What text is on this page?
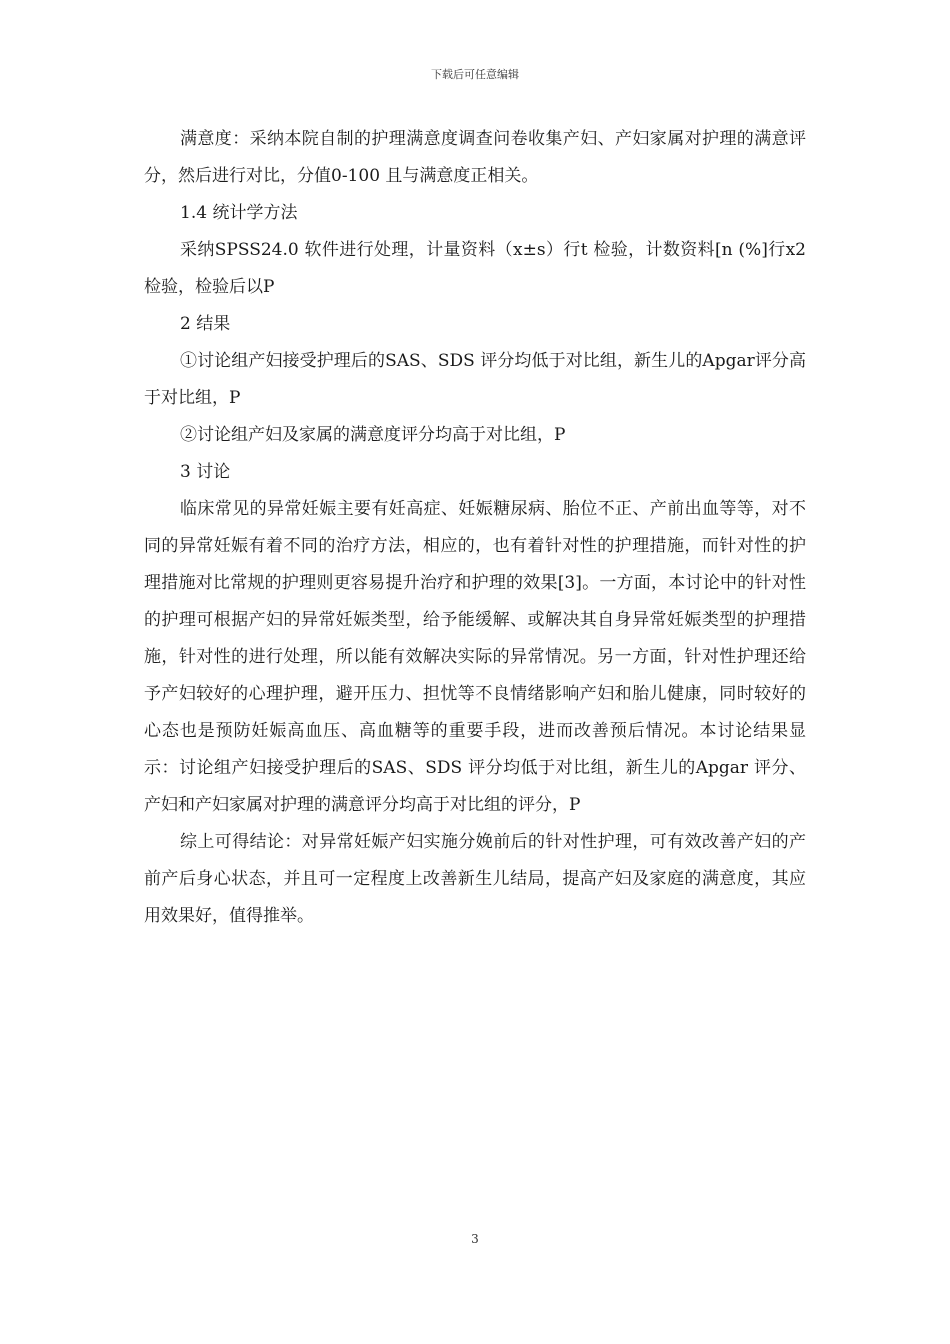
下载后可任意编辑

满意度：采纳本院自制的护理满意度调查问卷收集产妇、产妇家属对护理的满意评分，然后进行对比，分值0-100 且与满意度正相关。

1.4 统计学方法

采纳SPSS24.0 软件进行处理，计量资料（x±s）行t 检验，计数资料[n (%]行x2检验，检验后以P

2 结果

①讨论组产妇接受护理后的SAS、SDS 评分均低于对比组，新生儿的Apgar评分高于对比组，P

②讨论组产妇及家属的满意度评分均高于对比组，P

3 讨论

临床常见的异常妊娠主要有妊高症、妊娠糖尿病、胎位不正、产前出血等等，对不同的异常妊娠有着不同的治疗方法，相应的，也有着针对性的护理措施，而针对性的护理措施对比常规的护理则更容易提升治疗和护理的效果[3]。一方面，本讨论中的针对性的护理可根据产妇的异常妊娠类型，给予能缓解、或解决其自身异常妊娠类型的护理措施，针对性的进行处理，所以能有效解决实际的异常情况。另一方面，针对性护理还给予产妇较好的心理护理，避开压力、担忧等不良情绪影响产妇和胎儿健康，同时较好的心态也是预防妊娠高血压、高血糖等的重要手段，进而改善预后情况。本讨论结果显示：讨论组产妇接受护理后的SAS、SDS 评分均低于对比组，新生儿的Apgar 评分、产妇和产妇家属对护理的满意评分均高于对比组的评分，P

综上可得结论：对异常妊娠产妇实施分娩前后的针对性护理，可有效改善产妇的产前产后身心状态，并且可一定程度上改善新生儿结局，提高产妇及家庭的满意度，其应用效果好，值得推举。

3
